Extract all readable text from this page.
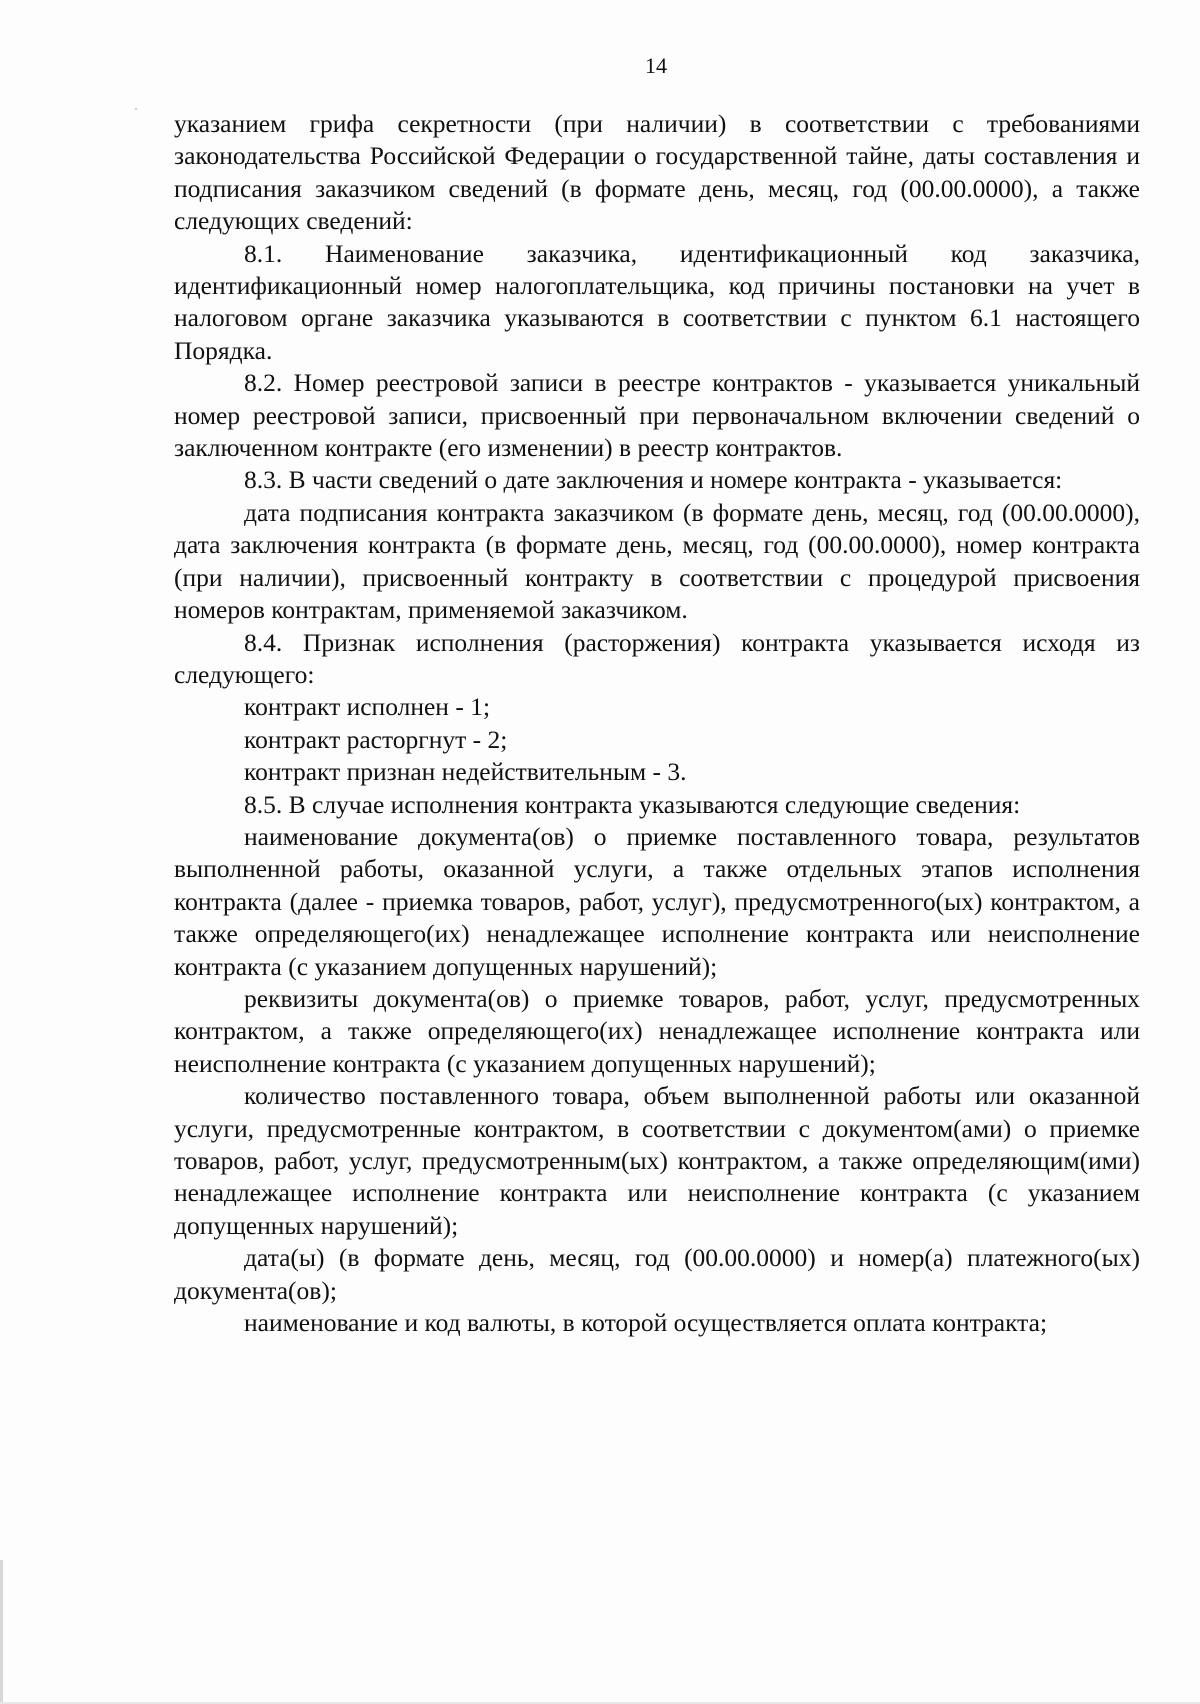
14

указанием грифа секретности (при наличии) в соответствии с требованиями законодательства Российской Федерации о государственной тайне, даты составления и подписания заказчиком сведений (в формате день, месяц, год (00.00.0000), а также следующих сведений:

8.1. Наименование заказчика, идентификационный код заказчика, идентификационный номер налогоплательщика, код причины постановки на учет в налоговом органе заказчика указываются в соответствии с пунктом 6.1 настоящего Порядка.

8.2. Номер реестровой записи в реестре контрактов - указывается уникальный номер реестровой записи, присвоенный при первоначальном включении сведений о заключенном контракте (его изменении) в реестр контрактов.

8.3. В части сведений о дате заключения и номере контракта - указывается:

дата подписания контракта заказчиком (в формате день, месяц, год (00.00.0000), дата заключения контракта (в формате день, месяц, год (00.00.0000), номер контракта (при наличии), присвоенный контракту в соответствии с процедурой присвоения номеров контрактам, применяемой заказчиком.

8.4. Признак исполнения (расторжения) контракта указывается исходя из следующего:

контракт исполнен - 1;

контракт расторгнут - 2;

контракт признан недействительным - 3.

8.5. В случае исполнения контракта указываются следующие сведения:

наименование документа(ов) о приемке поставленного товара, результатов выполненной работы, оказанной услуги, а также отдельных этапов исполнения контракта (далее - приемка товаров, работ, услуг), предусмотренного(ых) контрактом, а также определяющего(их) ненадлежащее исполнение контракта или неисполнение контракта (с указанием допущенных нарушений);

реквизиты документа(ов) о приемке товаров, работ, услуг, предусмотренных контрактом, а также определяющего(их) ненадлежащее исполнение контракта или неисполнение контракта (с указанием допущенных нарушений);

количество поставленного товара, объем выполненной работы или оказанной услуги, предусмотренные контрактом, в соответствии с документом(ами) о приемке товаров, работ, услуг, предусмотренным(ых) контрактом, а также определяющим(ими) ненадлежащее исполнение контракта или неисполнение контракта (с указанием допущенных нарушений);

дата(ы) (в формате день, месяц, год (00.00.0000) и номер(а) платежного(ых) документа(ов);

наименование и код валюты, в которой осуществляется оплата контракта;
